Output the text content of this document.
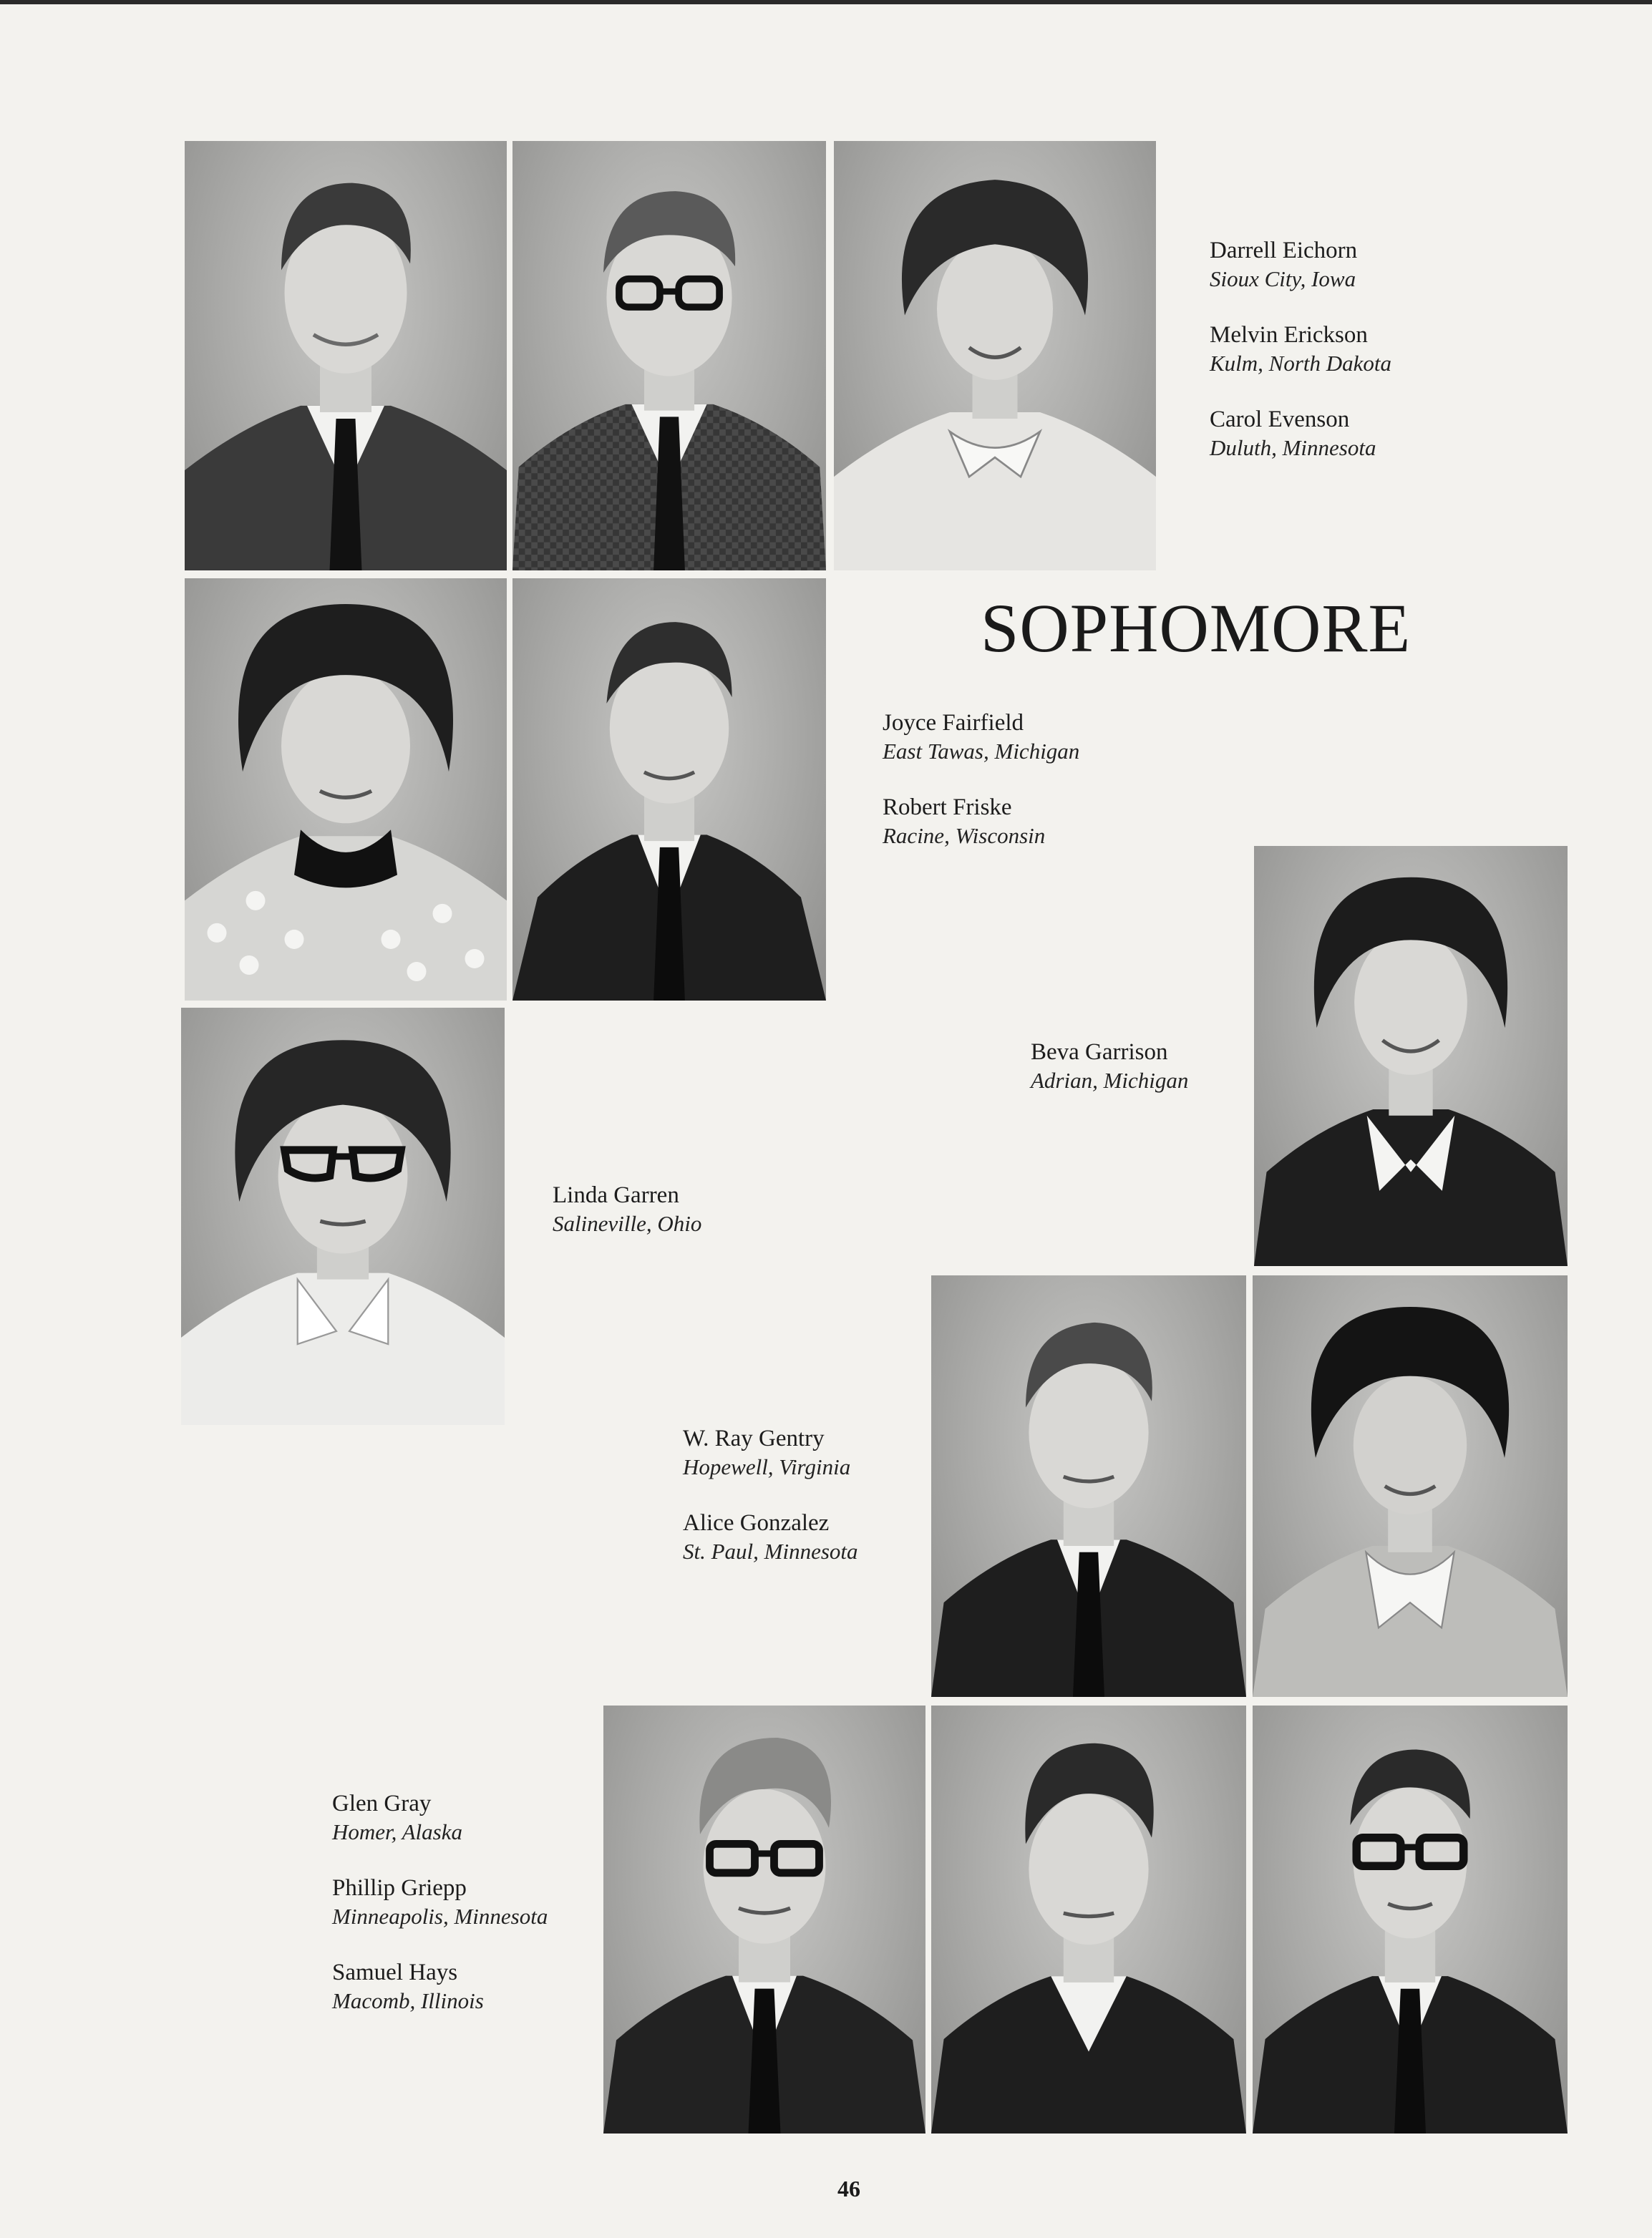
SOPHOMORE
Darrell Eichorn
Sioux City, Iowa
Melvin Erickson
Kulm, North Dakota
Carol Evenson
Duluth, Minnesota
Joyce Fairfield
East Tawas, Michigan
Robert Friske
Racine, Wisconsin
Beva Garrison
Adrian, Michigan
Linda Garren
Salineville, Ohio
W. Ray Gentry
Hopewell, Virginia
Alice Gonzalez
St. Paul, Minnesota
Glen Gray
Homer, Alaska
Phillip Griepp
Minneapolis, Minnesota
Samuel Hays
Macomb, Illinois
46
